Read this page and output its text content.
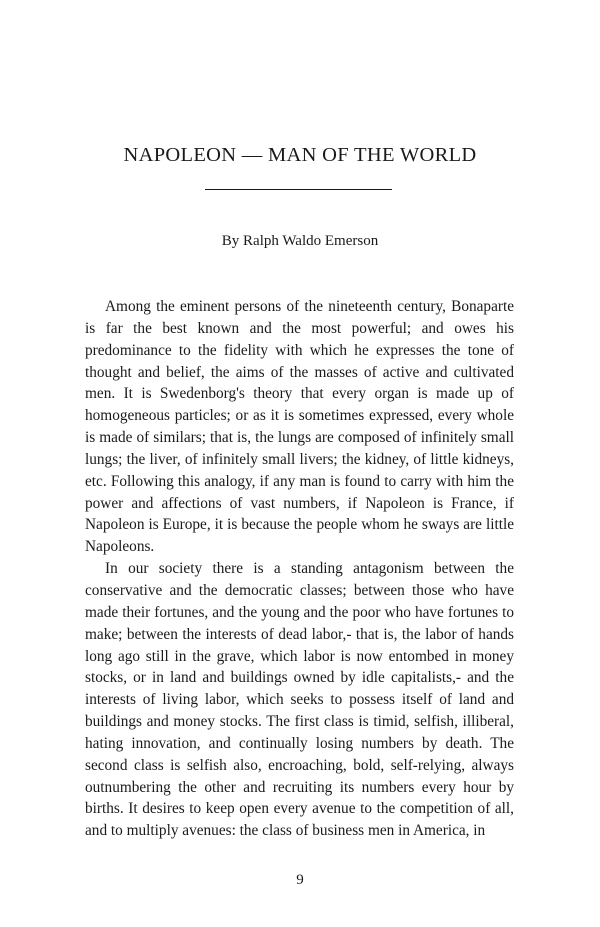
NAPOLEON — MAN OF THE WORLD
By Ralph Waldo Emerson

Among the eminent persons of the nineteenth century, Bonaparte is far the best known and the most powerful; and owes his predominance to the fidelity with which he expresses the tone of thought and belief, the aims of the masses of active and cultivated men. It is Swedenborg's theory that every organ is made up of homogeneous particles; or as it is sometimes expressed, every whole is made of similars; that is, the lungs are composed of infinitely small lungs; the liver, of infinitely small livers; the kidney, of little kidneys, etc. Following this analogy, if any man is found to carry with him the power and affections of vast numbers, if Napoleon is France, if Napoleon is Europe, it is because the people whom he sways are little Napoleons.

In our society there is a standing antagonism between the conservative and the democratic classes; between those who have made their fortunes, and the young and the poor who have fortunes to make; between the interests of dead labor,- that is, the labor of hands long ago still in the grave, which labor is now entombed in money stocks, or in land and buildings owned by idle capitalists,- and the interests of living labor, which seeks to possess itself of land and buildings and money stocks. The first class is timid, selfish, illiberal, hating innovation, and continually losing numbers by death. The second class is selfish also, encroaching, bold, self-relying, always outnumbering the other and recruiting its numbers every hour by births. It desires to keep open every avenue to the competition of all, and to multiply avenues: the class of business men in America, in

9
